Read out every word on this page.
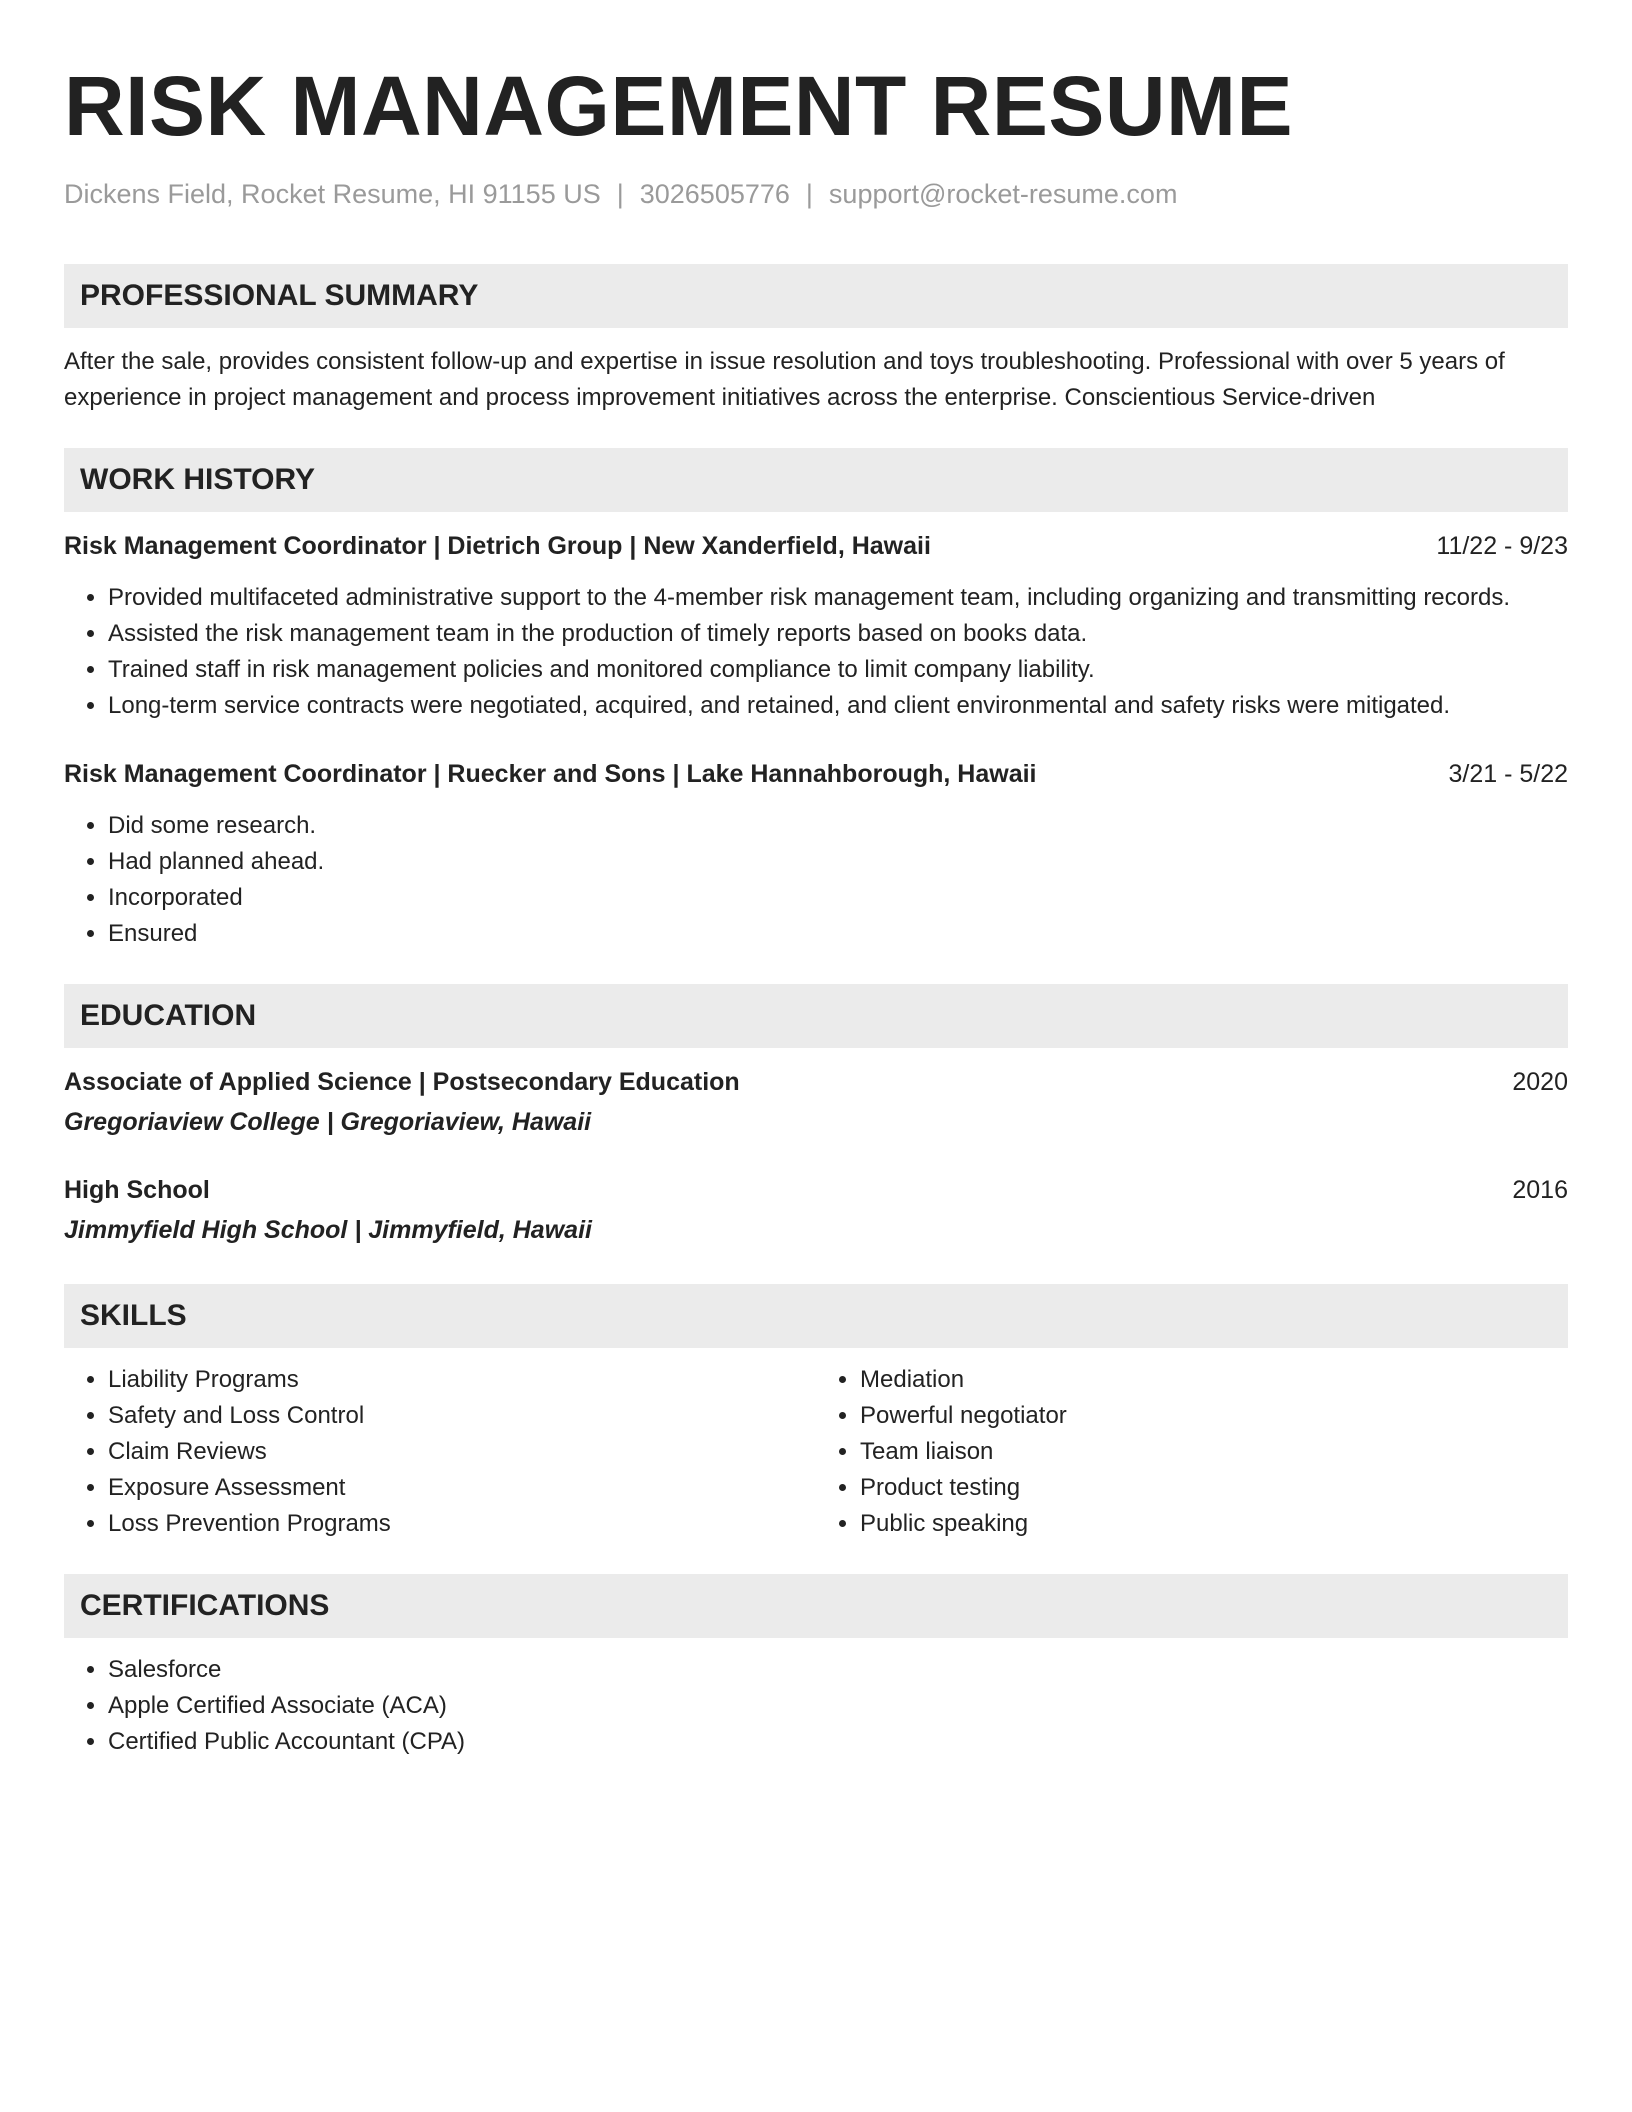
RISK MANAGEMENT RESUME
Dickens Field, Rocket Resume, HI 91155 US | 3026505776 | support@rocket-resume.com
PROFESSIONAL SUMMARY
After the sale, provides consistent follow-up and expertise in issue resolution and toys troubleshooting. Professional with over 5 years of experience in project management and process improvement initiatives across the enterprise. Conscientious Service-driven
WORK HISTORY
Risk Management Coordinator | Dietrich Group | New Xanderfield, Hawaii	11/22 - 9/23
• Provided multifaceted administrative support to the 4-member risk management team, including organizing and transmitting records.
• Assisted the risk management team in the production of timely reports based on books data.
• Trained staff in risk management policies and monitored compliance to limit company liability.
• Long-term service contracts were negotiated, acquired, and retained, and client environmental and safety risks were mitigated.
Risk Management Coordinator | Ruecker and Sons | Lake Hannahborough, Hawaii	3/21 - 5/22
• Did some research.
• Had planned ahead.
• Incorporated
• Ensured
EDUCATION
Associate of Applied Science | Postsecondary Education	2020
Gregoriaview College | Gregoriaview, Hawaii
High School	2016
Jimmyfield High School | Jimmyfield, Hawaii
SKILLS
• Liability Programs
• Safety and Loss Control
• Claim Reviews
• Exposure Assessment
• Loss Prevention Programs
• Mediation
• Powerful negotiator
• Team liaison
• Product testing
• Public speaking
CERTIFICATIONS
• Salesforce
• Apple Certified Associate (ACA)
• Certified Public Accountant (CPA)
